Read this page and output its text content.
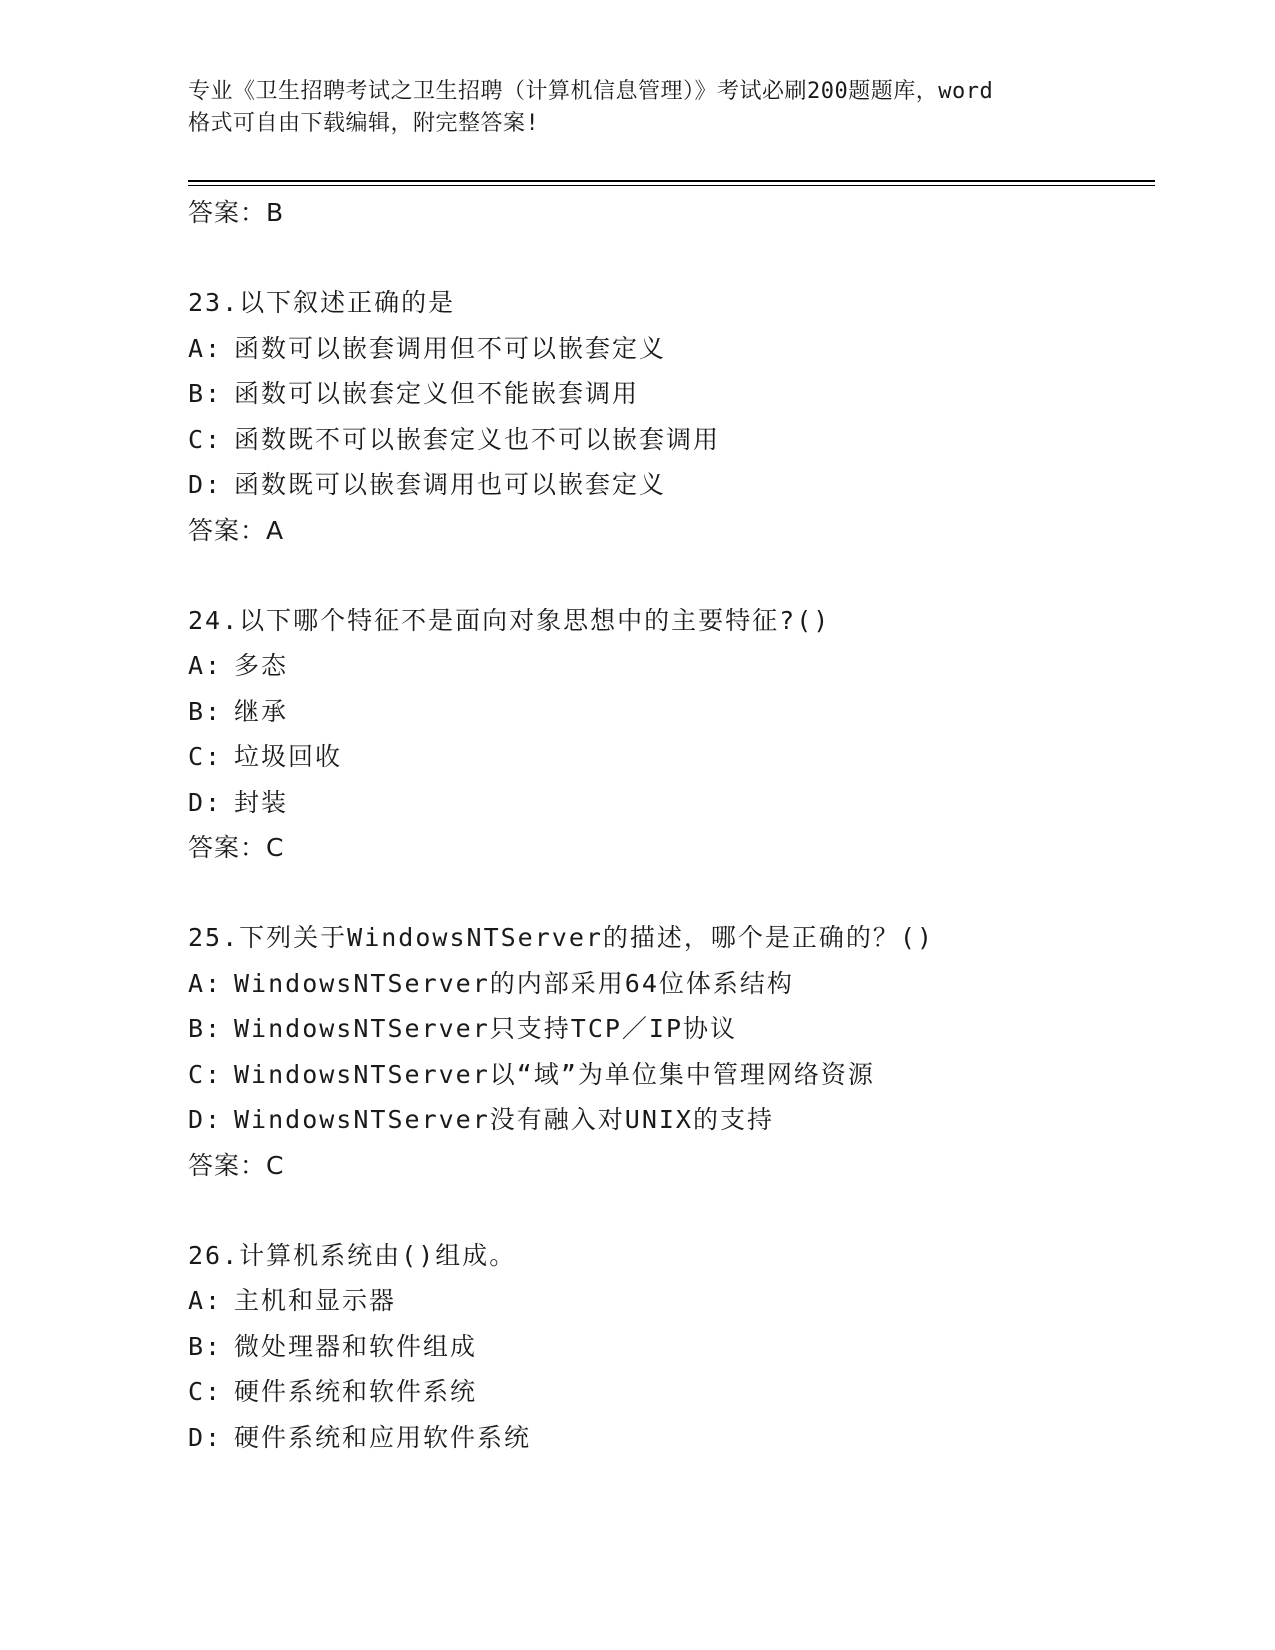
专业《卫生招聘考试之卫生招聘（计算机信息管理）》考试必刷200题题库，word
格式可自由下载编辑，附完整答案!
答案：B
23.以下叙述正确的是
A: 函数可以嵌套调用但不可以嵌套定义
B: 函数可以嵌套定义但不能嵌套调用
C: 函数既不可以嵌套定义也不可以嵌套调用
D: 函数既可以嵌套调用也可以嵌套定义
答案：A
24.以下哪个特征不是面向对象思想中的主要特征?()
A: 多态
B: 继承
C: 垃圾回收
D: 封装
答案：C
25.下列关于WindowsNTServer的描述，哪个是正确的？()
A: WindowsNTServer的内部采用64位体系结构
B: WindowsNTServer只支持TCP／IP协议
C: WindowsNTServer以“域”为单位集中管理网络资源
D: WindowsNTServer没有融入对UNIX的支持
答案：C
26.计算机系统由()组成。
A: 主机和显示器
B: 微处理器和软件组成
C: 硬件系统和软件系统
D: 硬件系统和应用软件系统
